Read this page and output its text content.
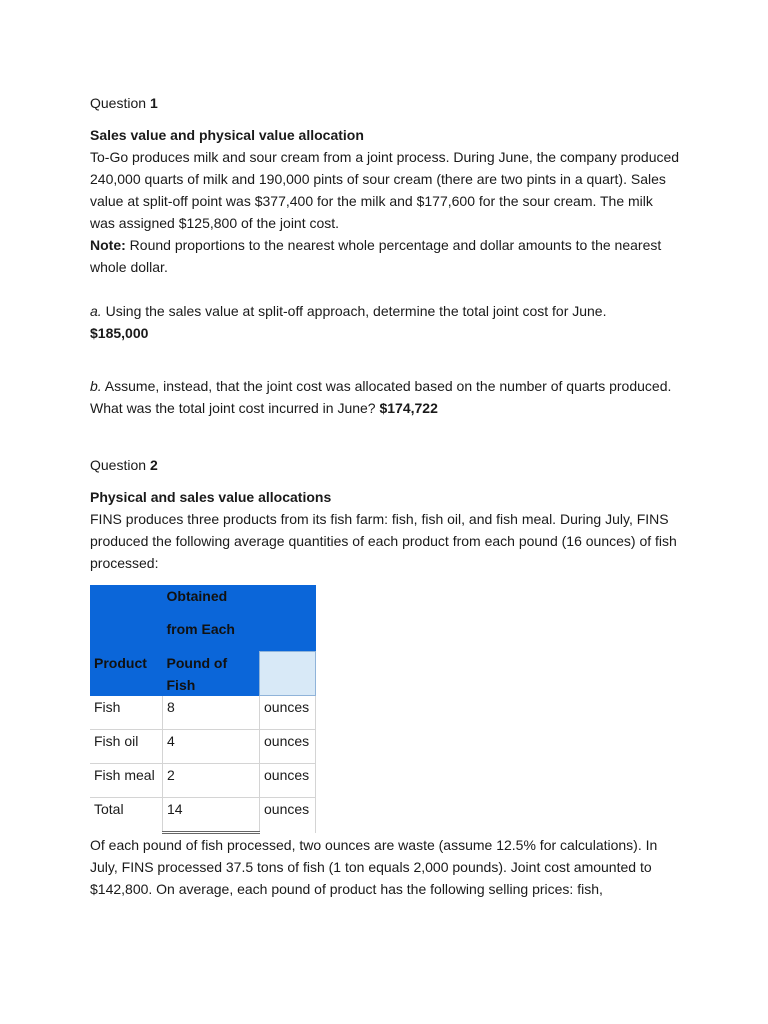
Question 1

Sales value and physical value allocation

To-Go produces milk and sour cream from a joint process. During June, the company produced 240,000 quarts of milk and 190,000 pints of sour cream (there are two pints in a quart). Sales value at split-off point was $377,400 for the milk and $177,600 for the sour cream. The milk was assigned $125,800 of the joint cost.

Note: Round proportions to the nearest whole percentage and dollar amounts to the nearest whole dollar.

a. Using the sales value at split-off approach, determine the total joint cost for June.

$185,000

b. Assume, instead, that the joint cost was allocated based on the number of quarts produced. What was the total joint cost incurred in June? $174,722

Question 2

Physical and sales value allocations

FINS produces three products from its fish farm: fish, fish oil, and fish meal. During July, FINS produced the following average quantities of each product from each pound (16 ounces) of fish processed:

	Obtained	
	from Each	
Product	Pound of Fish	
Fish	8	ounces
Fish oil	4	ounces
Fish meal	2	ounces
Total	14	ounces

Of each pound of fish processed, two ounces are waste (assume 12.5% for calculations). In July, FINS processed 37.5 tons of fish (1 ton equals 2,000 pounds). Joint cost amounted to $142,800. On average, each pound of product has the following selling prices: fish,
